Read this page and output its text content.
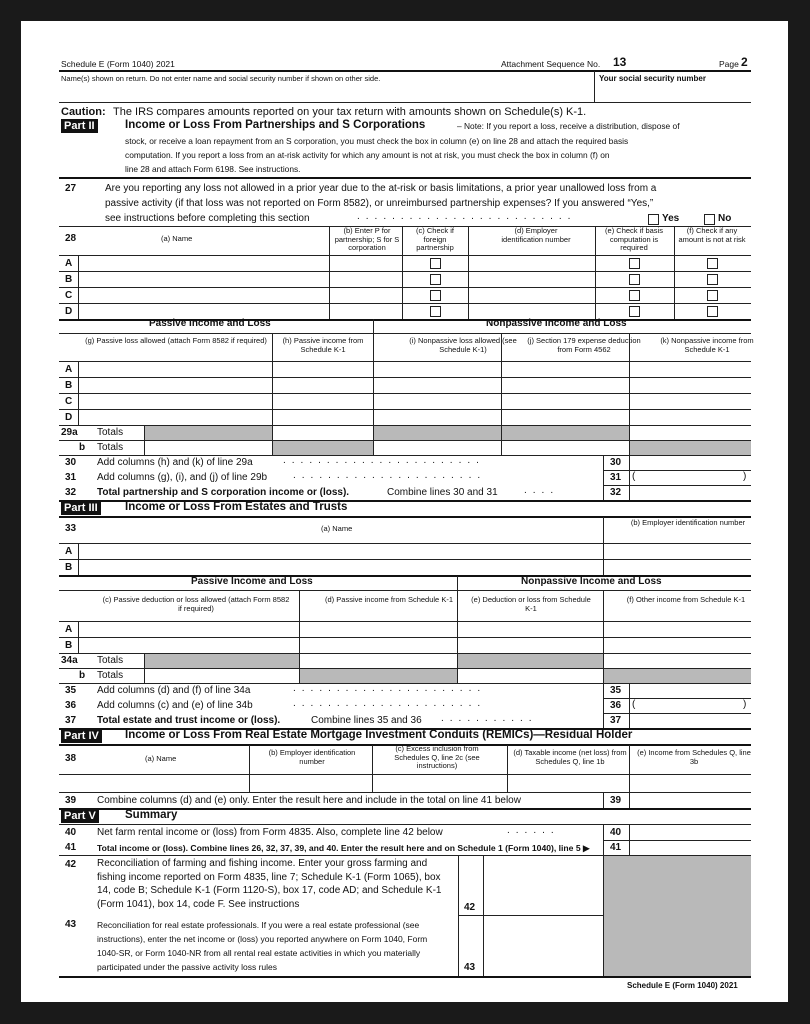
Schedule E (Form 1040) 2021	Attachment Sequence No. 13	Page 2
Name(s) shown on return. Do not enter name and social security number if shown on other side.	Your social security number
Caution: The IRS compares amounts reported on your tax return with amounts shown on Schedule(s) K-1.
Part II	Income or Loss From Partnerships and S Corporations	– Note: If you report a loss, receive a distribution, dispose of
stock, or receive a loan repayment from an S corporation, you must check the box in column (e) on line 28 and attach the required basis
computation. If you report a loss from an at-risk activity for which any amount is not at risk, you must check the box in column (f) on
line 28 and attach Form 6198. See instructions.
27	Are you reporting any loss not allowed in a prior year due to the at-risk or basis limitations, a prior year unallowed loss from a
passive activity (if that loss was not reported on Form 8582), or unreimbursed partnership expenses? If you answered “Yes,”
see instructions before completing this section	.........................	Yes	No
28	(a) Name
(b) Enter P for partnership; S for S corporation
(c) Check if foreign partnership
(d) Employer identification number
(e) Check if basis computation is required
(f) Check if any amount is not at risk
A
B
C
D
Passive Income and Loss	Nonpassive Income and Loss
(g) Passive loss allowed (attach Form 8582 if required)	(h) Passive income from Schedule K-1
(i) Nonpassive loss allowed (see Schedule K-1)
(j) Section 179 expense deduction from Form 4562
(k) Nonpassive income from Schedule K-1
A
B
C
D
29a Totals
b Totals
30 Add columns (h) and (k) of line 29a	.......................	30
31 Add columns (g), (i), and (j) of line 29b	......................	31 (	)
32 Total partnership and S corporation income or (loss).	Combine lines 30 and 31	....	32
Part III Income or Loss From Estates and Trusts
33	(a) Name
(b) Employer identification number
A
B
Passive Income and Loss	Nonpassive Income and Loss
(c) Passive deduction or loss allowed (attach Form 8582 if required)
(d) Passive income from Schedule K-1	(e) Deduction or loss from Schedule K-1
(f) Other income from Schedule K-1
A
B
34a Totals
b Totals
35 Add columns (d) and (f) of line 34a	......................	35
36 Add columns (c) and (e) of line 34b	......................	36 (	)
37 Total estate and trust income or (loss).	Combine lines 35 and 36 ...........	37
Part IV Income or Loss From Real Estate Mortgage Investment Conduits (REMICs)—Residual Holder
38	(a) Name
(b) Employer identification number
(c) Excess inclusion from Schedules Q, line 2c (see instructions)
(d) Taxable income (net loss) from Schedules Q, line 1b
(e) Income from Schedules Q, line 3b
39 Combine columns (d) and (e) only. Enter the result here and include in the total on line 41 below	39
Part V	Summary
40 Net farm rental income or (loss) from Form 4835. Also, complete line 42 below	......	40
41 Total income or (loss). Combine lines 26, 32, 37, 39, and 40. Enter the result here and on Schedule 1 (Form 1040), line 5 ▶ 41
42 Reconciliation of farming and fishing income. Enter your gross farming and fishing income reported on Form 4835, line 7; Schedule K-1 (Form 1065), box 14, code B; Schedule K-1 (Form 1120-S), box 17, code AD; and Schedule K-1 (Form 1041), box 14, code F. See instructions	42
43 Reconciliation for real estate professionals. If you were a real estate professional (see instructions), enter the net income or (loss) you reported anywhere on Form 1040, Form 1040-SR, or Form 1040-NR from all rental real estate activities in which you materially participated under the passive activity loss rules	43
Schedule E (Form 1040) 2021
